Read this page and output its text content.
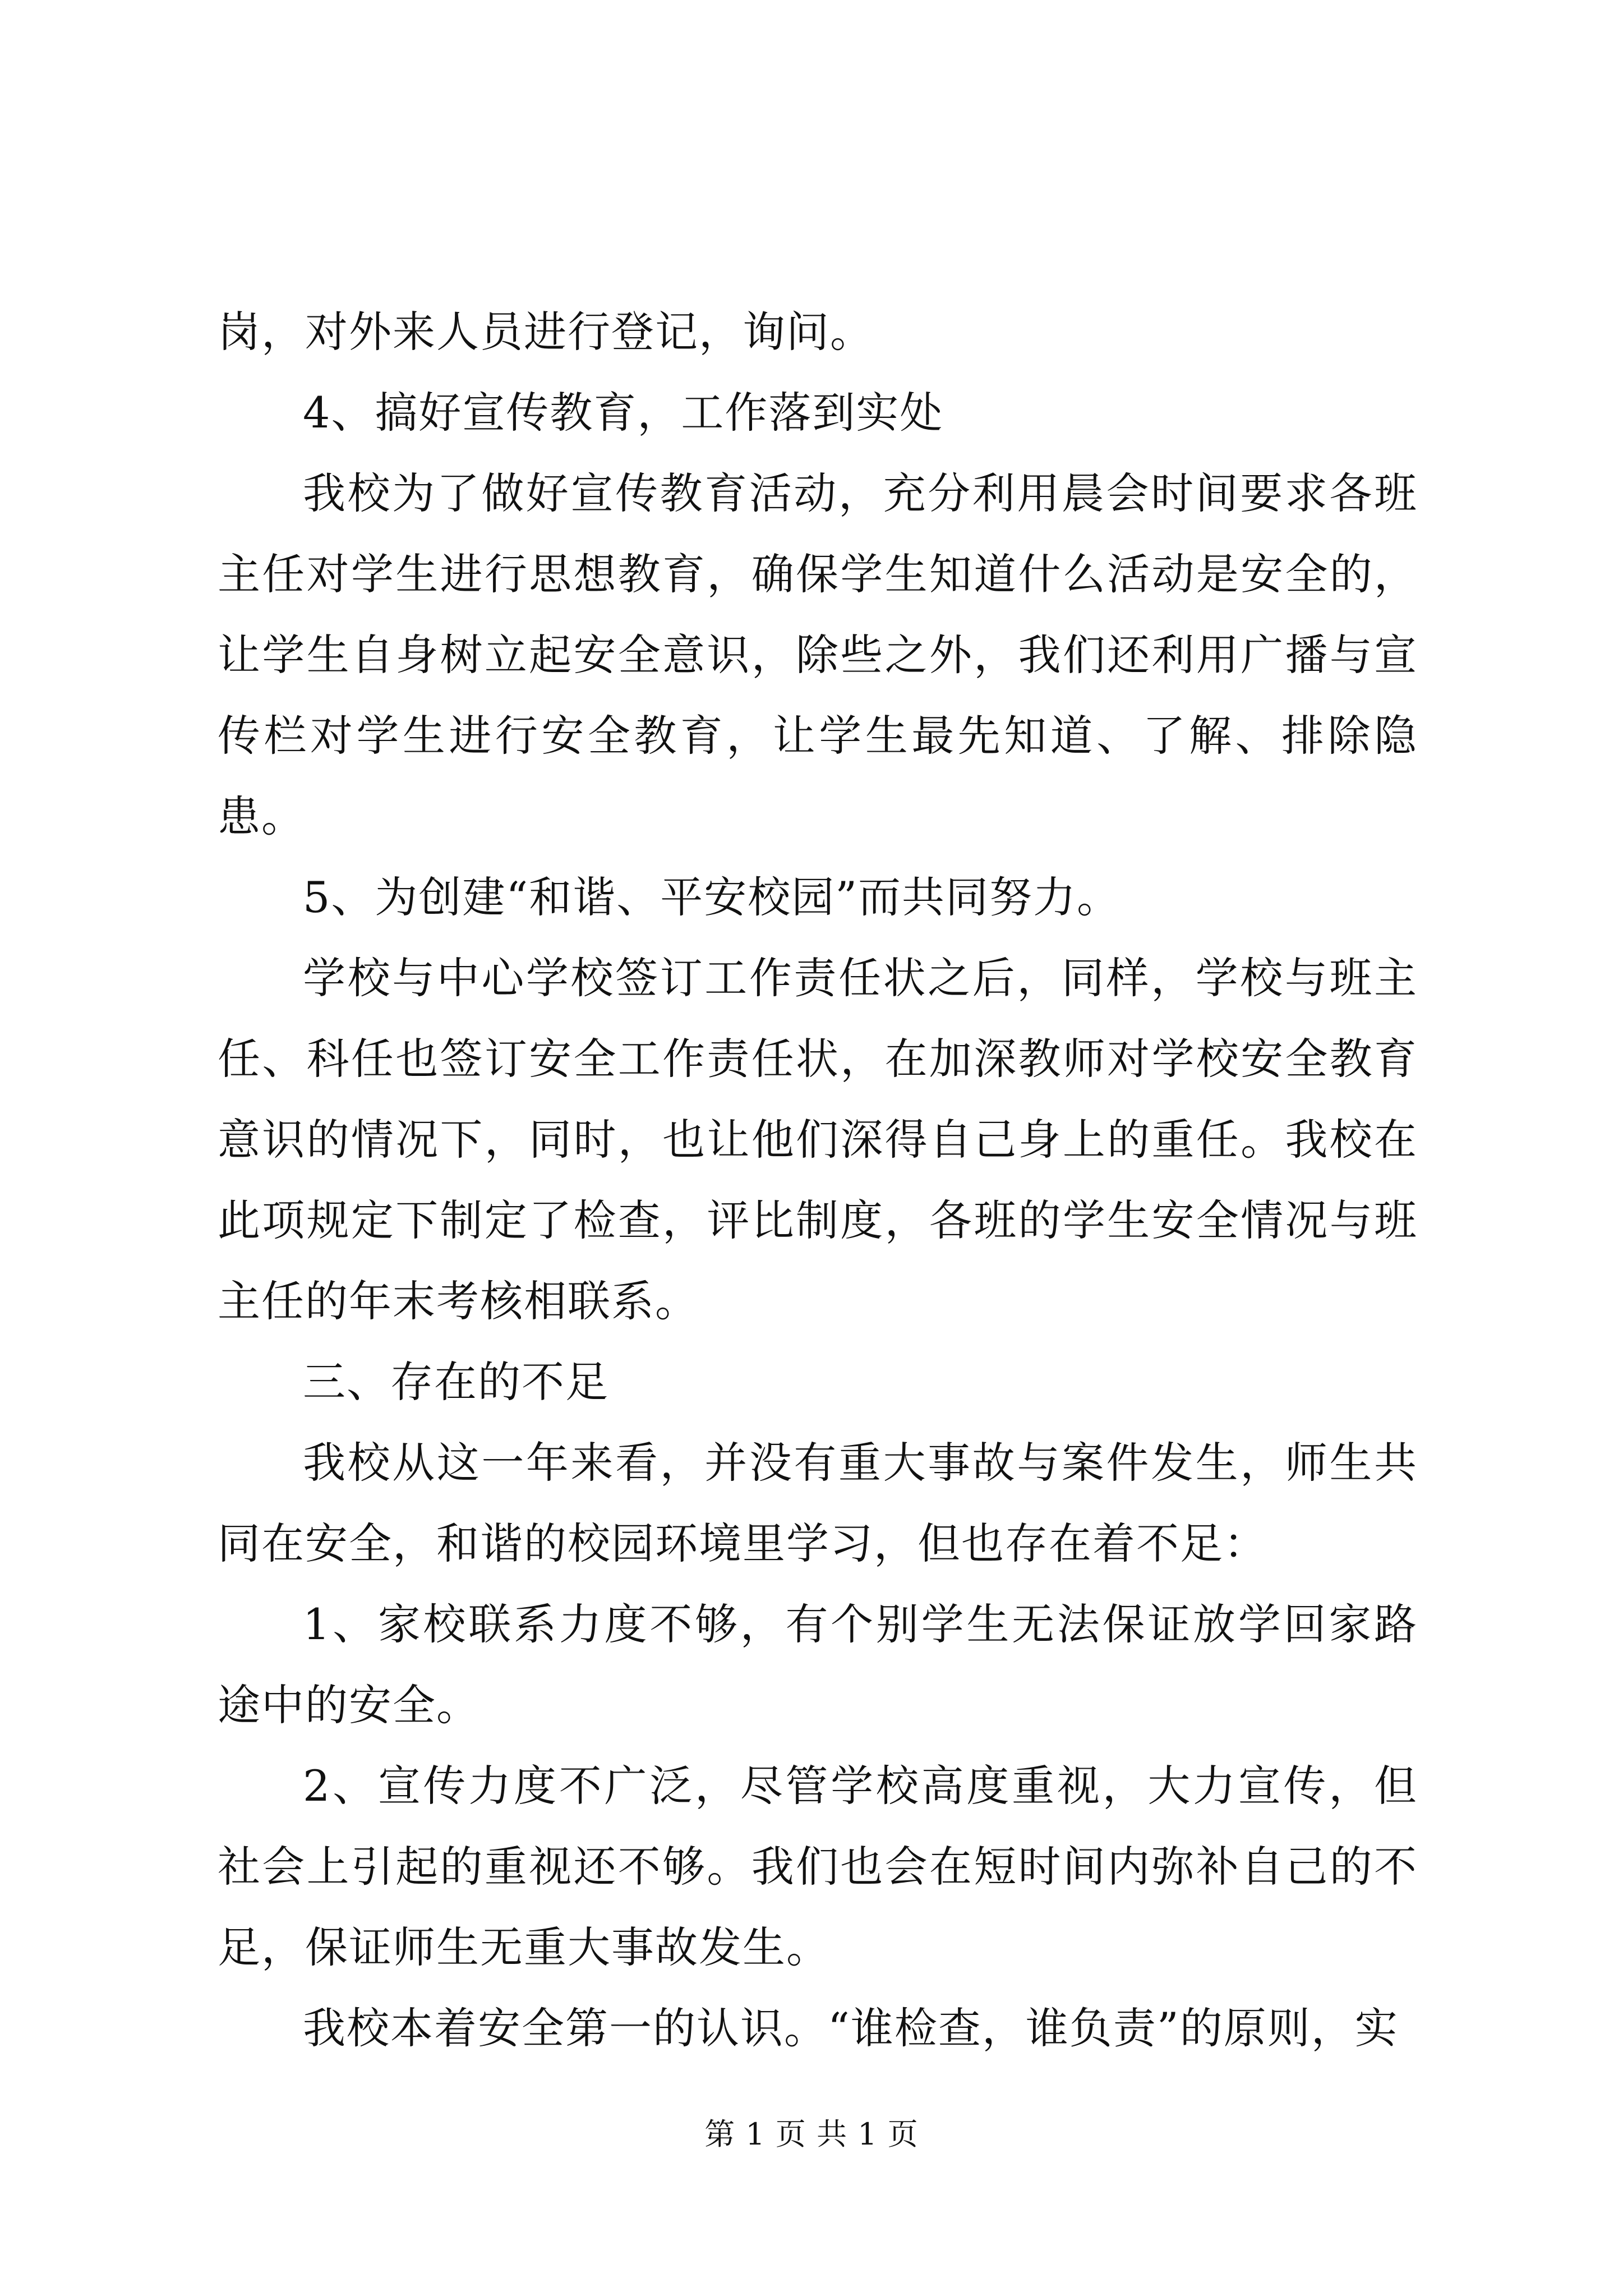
岗，对外来人员进行登记，询问。

4、搞好宣传教育，工作落到实处

我校为了做好宣传教育活动，充分利用晨会时间要求各班主任对学生进行思想教育，确保学生知道什么活动是安全的，让学生自身树立起安全意识，除些之外，我们还利用广播与宣传栏对学生进行安全教育，让学生最先知道、了解、排除隐患。

5、为创建“和谐、平安校园”而共同努力。

学校与中心学校签订工作责任状之后，同样，学校与班主任、科任也签订安全工作责任状，在加深教师对学校安全教育意识的情况下，同时，也让他们深得自己身上的重任。我校在此项规定下制定了检查，评比制度，各班的学生安全情况与班主任的年末考核相联系。

三、存在的不足

我校从这一年来看，并没有重大事故与案件发生，师生共同在安全，和谐的校园环境里学习，但也存在着不足：

1、家校联系力度不够，有个别学生无法保证放学回家路途中的安全。

2、宣传力度不广泛，尽管学校高度重视，大力宣传，但社会上引起的重视还不够。我们也会在短时间内弥补自己的不足，保证师生无重大事故发生。

我校本着安全第一的认识。“谁检查，谁负责”的原则，实

第 1 页 共 1 页
